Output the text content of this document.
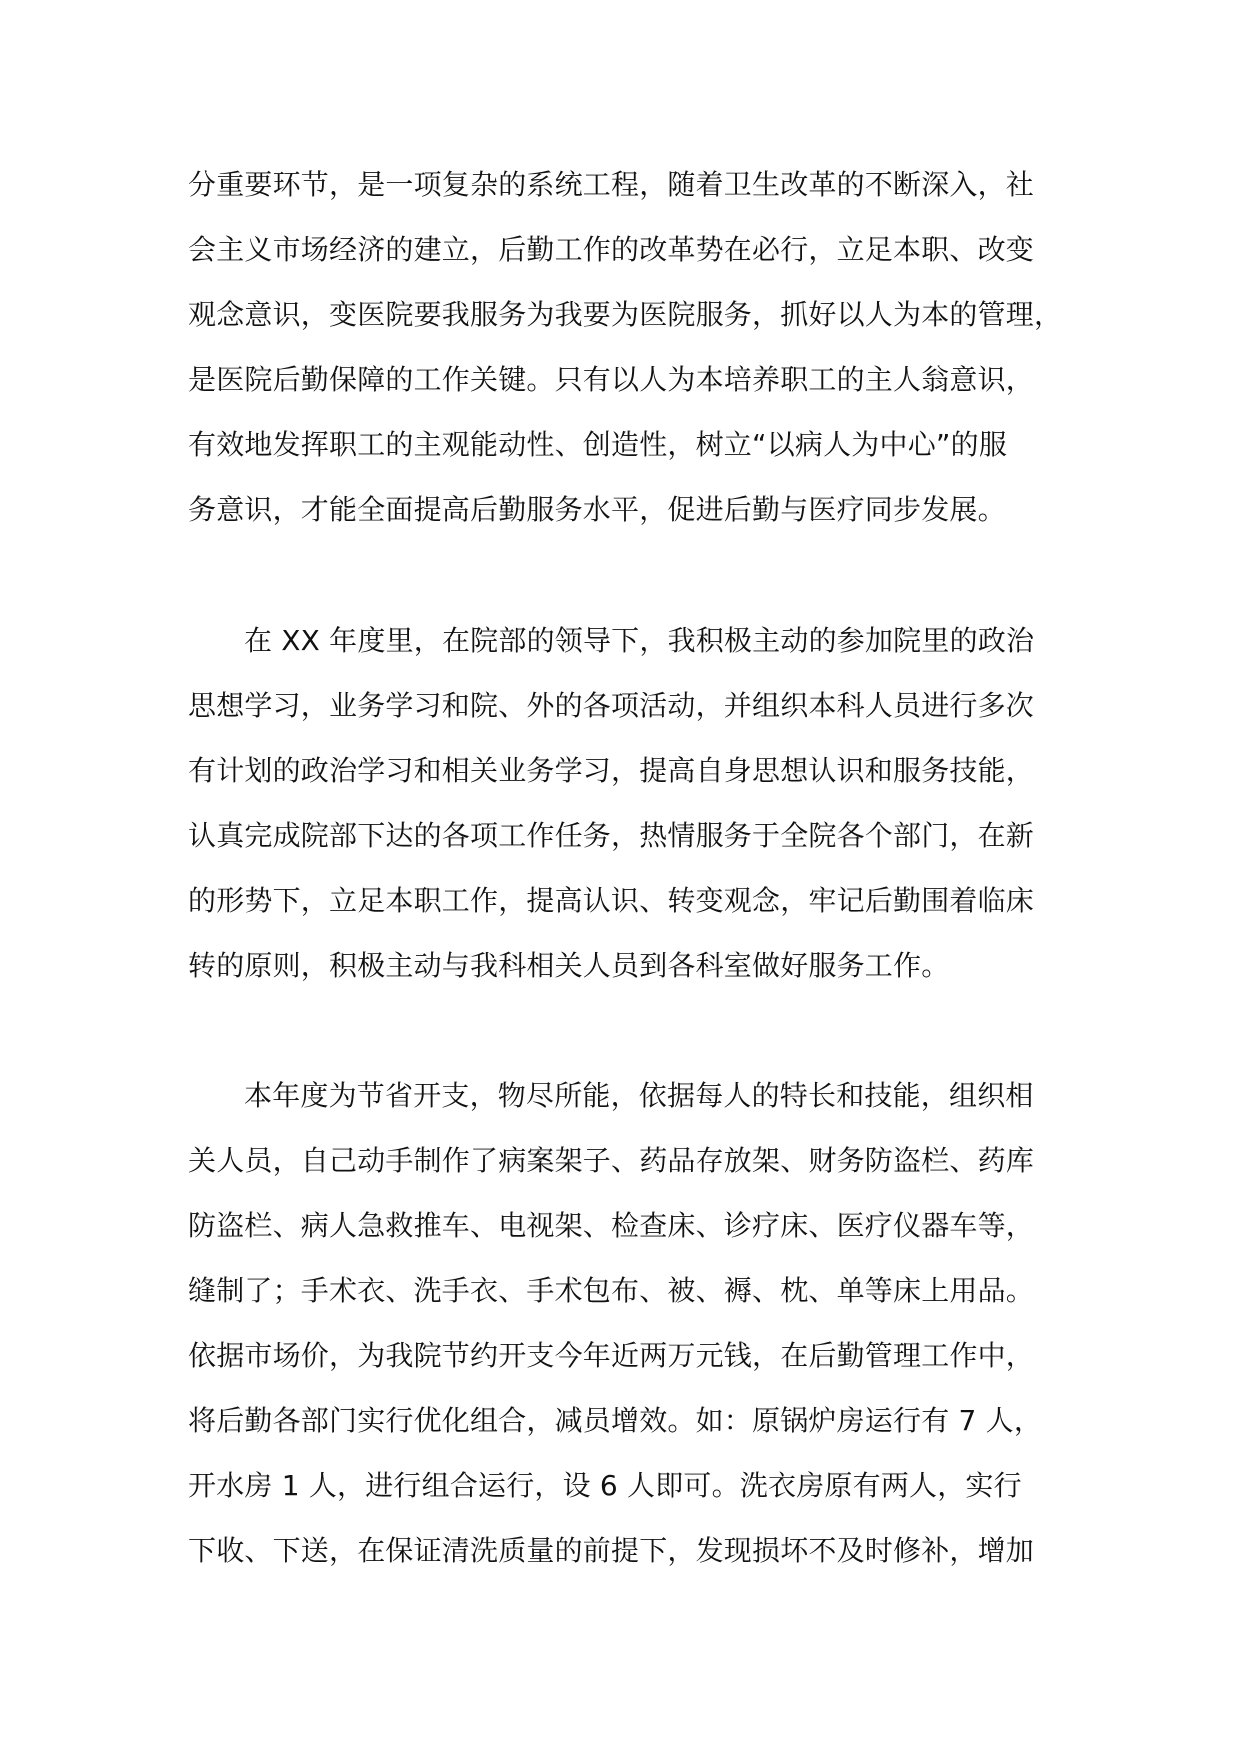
分重要环节，是一项复杂的系统工程，随着卫生改革的不断深入，社
会主义市场经济的建立，后勤工作的改革势在必行，立足本职、改变
观念意识，变医院要我服务为我要为医院服务，抓好以人为本的管理，
是医院后勤保障的工作关键。只有以人为本培养职工的主人翁意识，
有效地发挥职工的主观能动性、创造性，树立“以病人为中心”的服
务意识，才能全面提高后勤服务水平，促进后勤与医疗同步发展。
在 XX 年度里，在院部的领导下，我积极主动的参加院里的政治
思想学习，业务学习和院、外的各项活动，并组织本科人员进行多次
有计划的政治学习和相关业务学习，提高自身思想认识和服务技能，
认真完成院部下达的各项工作任务，热情服务于全院各个部门，在新
的形势下，立足本职工作，提高认识、转变观念，牢记后勤围着临床
转的原则，积极主动与我科相关人员到各科室做好服务工作。
本年度为节省开支，物尽所能，依据每人的特长和技能，组织相
关人员，自己动手制作了病案架子、药品存放架、财务防盗栏、药库
防盗栏、病人急救推车、电视架、检查床、诊疗床、医疗仪器车等，
缝制了；手术衣、洗手衣、手术包布、被、褥、枕、单等床上用品。
依据市场价，为我院节约开支今年近两万元钱，在后勤管理工作中，
将后勤各部门实行优化组合，减员增效。如：原锅炉房运行有 7 人，
开水房 1 人，进行组合运行，设 6 人即可。洗衣房原有两人，实行
下收、下送，在保证清洗质量的前提下，发现损坏不及时修补，增加
